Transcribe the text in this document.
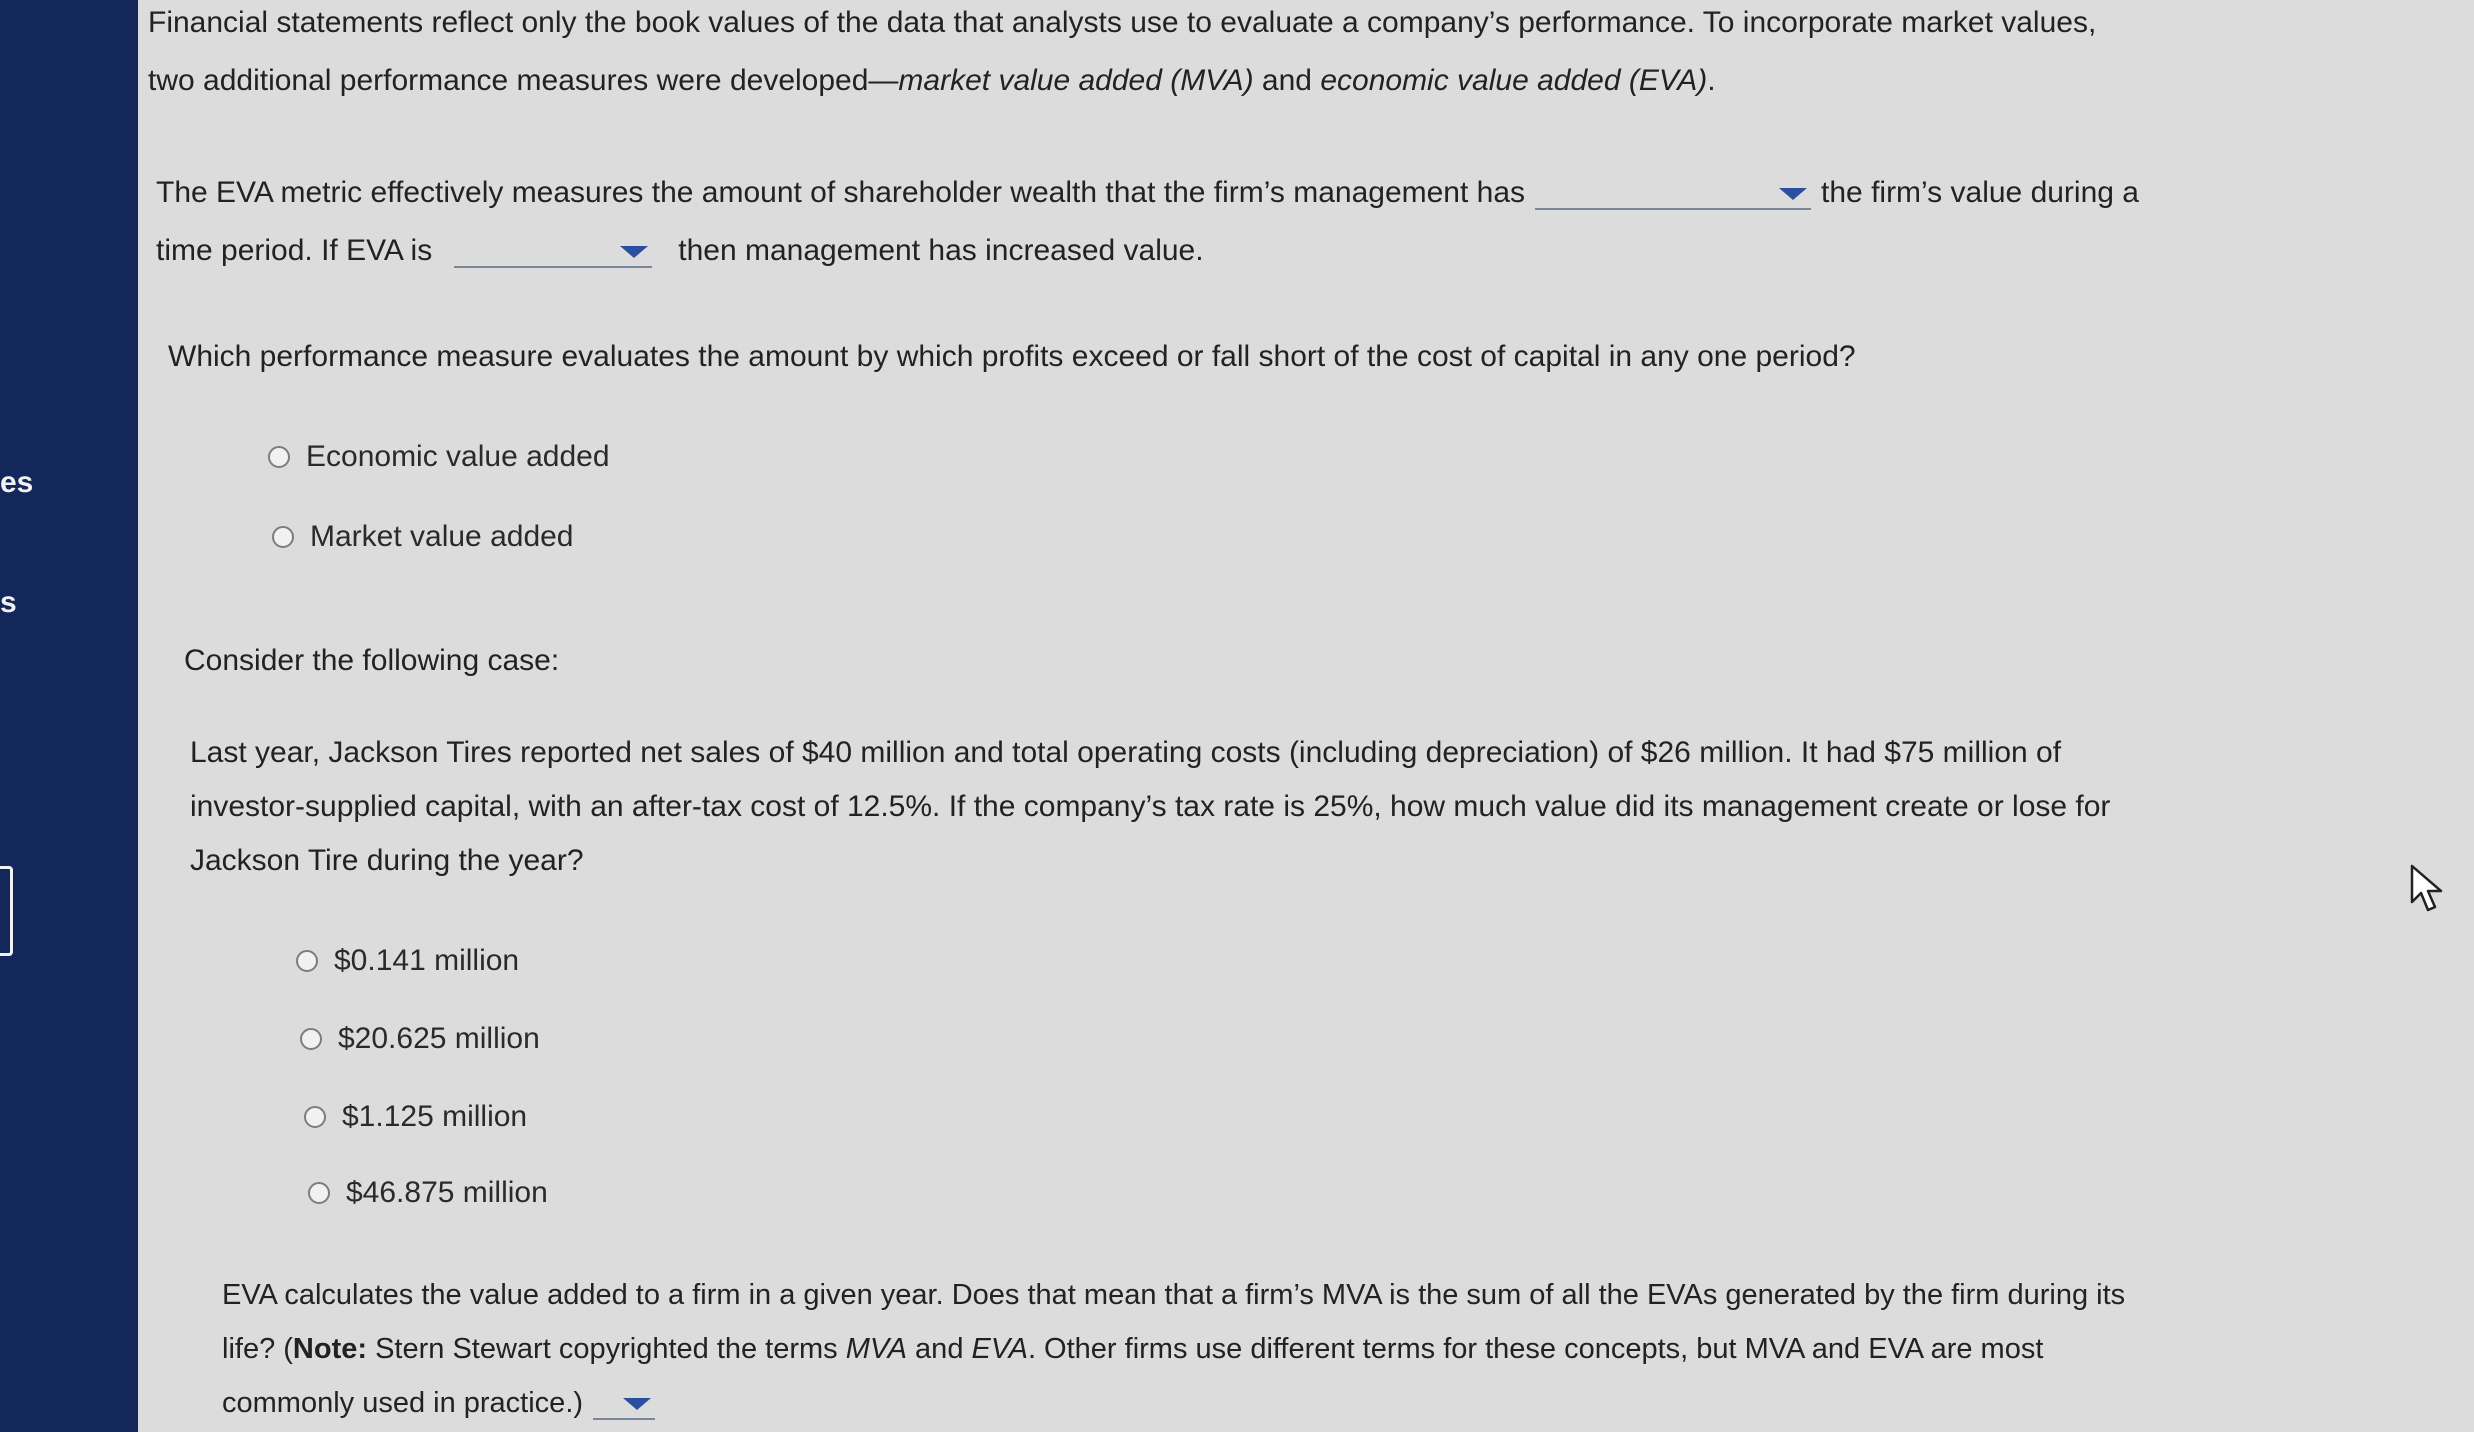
es
s
Financial statements reflect only the book values of the data that analysts use to evaluate a company’s performance. To incorporate market values,
two additional performance measures were developed—market value added (MVA) and economic value added (EVA).
The EVA metric effectively measures the amount of shareholder wealth that the firm’s management has	the firm’s value during a
time period. If EVA is	then management has increased value.
Which performance measure evaluates the amount by which profits exceed or fall short of the cost of capital in any one period?
Economic value added
Market value added
Consider the following case:
Last year, Jackson Tires reported net sales of $40 million and total operating costs (including depreciation) of $26 million. It had $75 million of
investor-supplied capital, with an after-tax cost of 12.5%. If the company’s tax rate is 25%, how much value did its management create or lose for
Jackson Tire during the year?
$0.141 million
$20.625 million
$1.125 million
$46.875 million
EVA calculates the value added to a firm in a given year. Does that mean that a firm’s MVA is the sum of all the EVAs generated by the firm during its
life? (Note: Stern Stewart copyrighted the terms MVA and EVA. Other firms use different terms for these concepts, but MVA and EVA are most
commonly used in practice.)
